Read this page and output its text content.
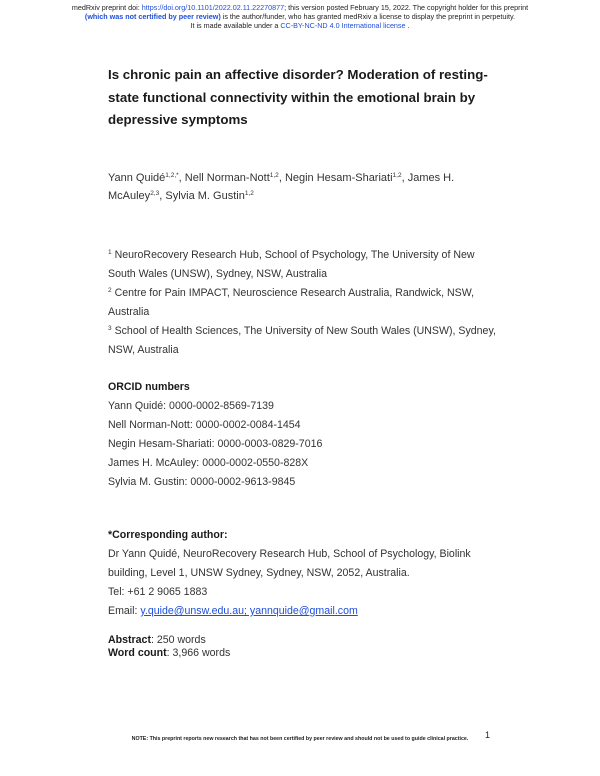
medRxiv preprint doi: https://doi.org/10.1101/2022.02.11.22270877; this version posted February 15, 2022. The copyright holder for this preprint
(which was not certified by peer review) is the author/funder, who has granted medRxiv a license to display the preprint in perpetuity.
It is made available under a CC-BY-NC-ND 4.0 International license .
Is chronic pain an affective disorder? Moderation of resting-state functional connectivity within the emotional brain by depressive symptoms
Yann Quidé$^{1,2,*}$, Nell Norman-Nott$^{1,2}$, Negin Hesam-Shariati$^{1,2}$, James H. McAuley$^{2,3}$, Sylvia M. Gustin$^{1,2}$
$^1$ NeuroRecovery Research Hub, School of Psychology, The University of New South Wales (UNSW), Sydney, NSW, Australia
$^2$ Centre for Pain IMPACT, Neuroscience Research Australia, Randwick, NSW, Australia
$^3$ School of Health Sciences, The University of New South Wales (UNSW), Sydney, NSW, Australia
ORCID numbers
Yann Quidé: 0000-0002-8569-7139
Nell Norman-Nott: 0000-0002-0084-1454
Negin Hesam-Shariati: 0000-0003-0829-7016
James H. McAuley: 0000-0002-0550-828X
Sylvia M. Gustin: 0000-0002-9613-9845
*Corresponding author:
Dr Yann Quidé, NeuroRecovery Research Hub, School of Psychology, Biolink building, Level 1, UNSW Sydney, Sydney, NSW, 2052, Australia.
Tel: +61 2 9065 1883
Email: y.quide@unsw.edu.au; yannquide@gmail.com
Abstract: 250 words
Word count: 3,966 words
1
NOTE: This preprint reports new research that has not been certified by peer review and should not be used to guide clinical practice.
